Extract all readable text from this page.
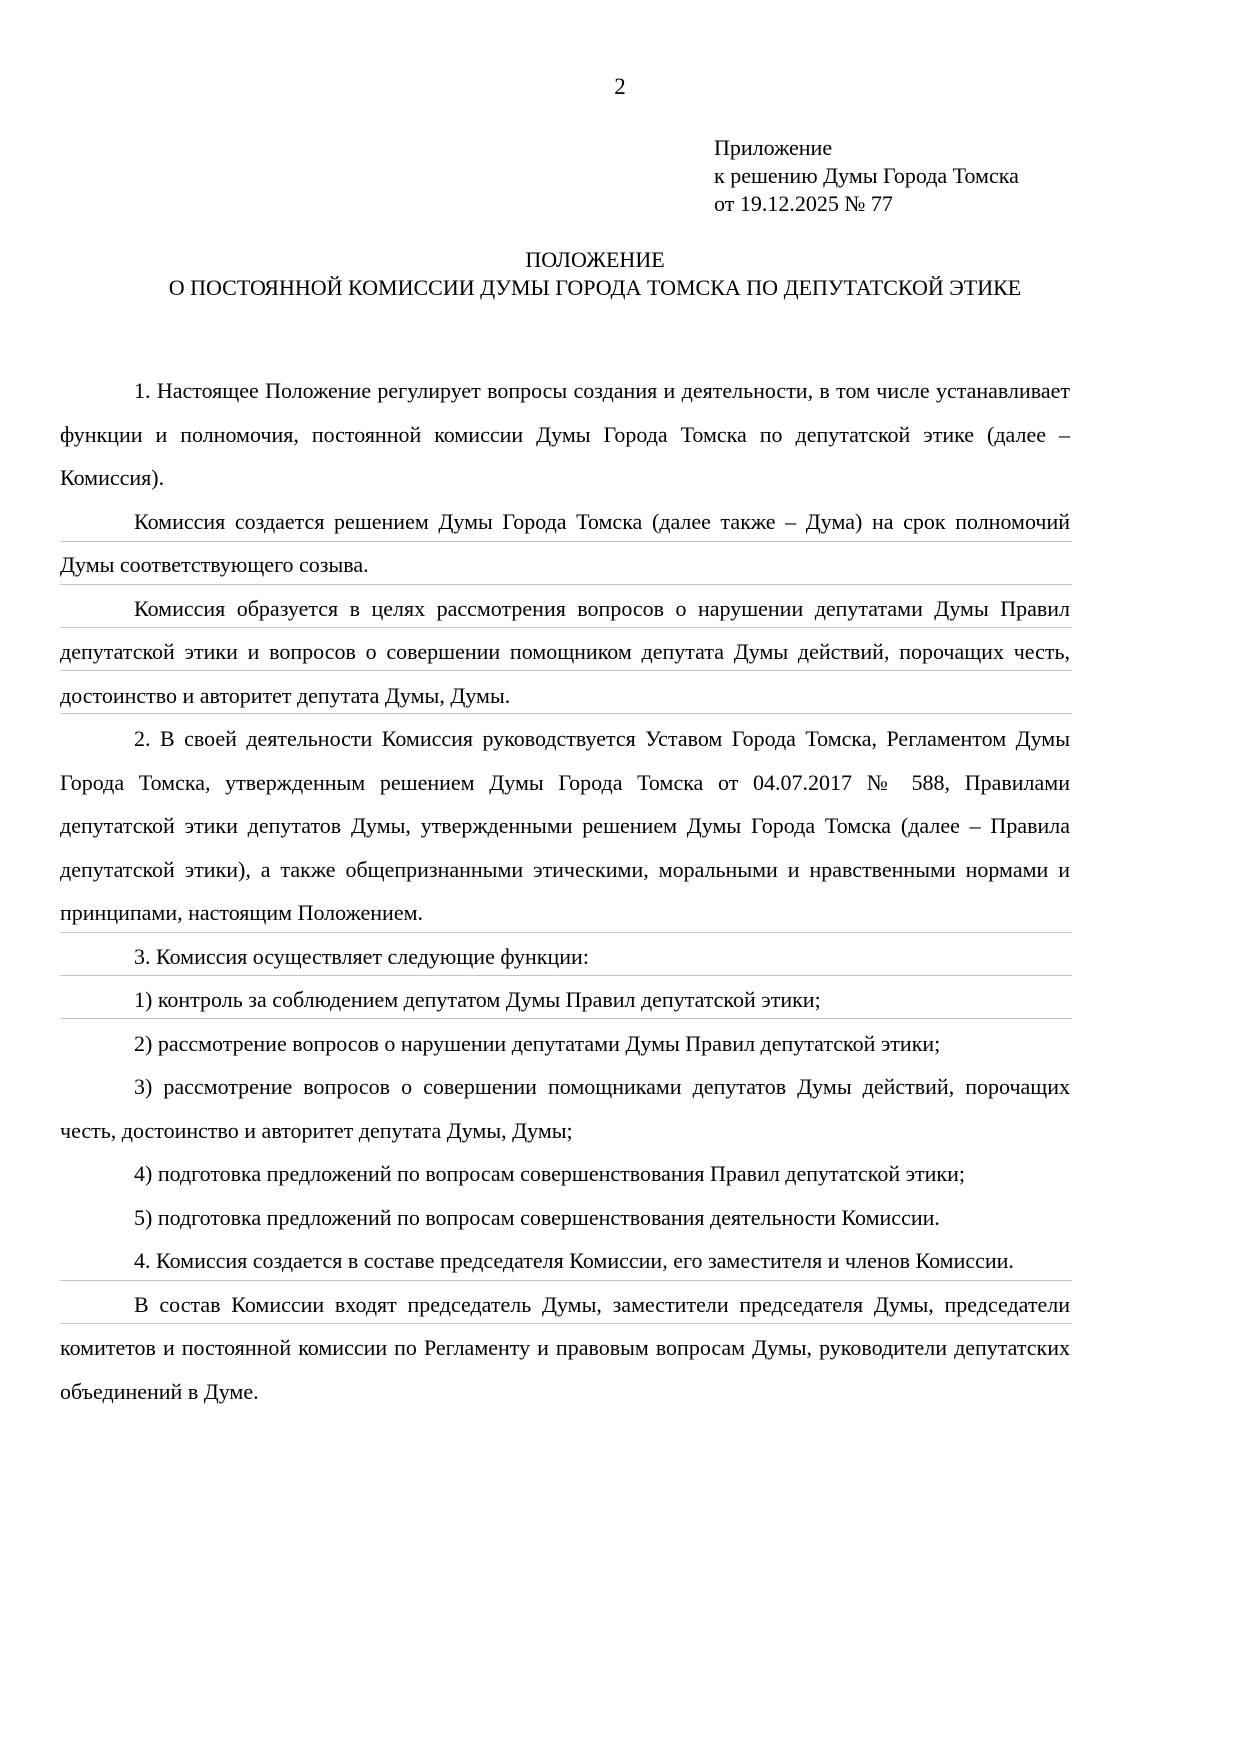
2
Приложение
к решению Думы Города Томска
от 19.12.2025 № 77
ПОЛОЖЕНИЕ
О ПОСТОЯННОЙ КОМИССИИ ДУМЫ ГОРОДА ТОМСКА ПО ДЕПУТАТСКОЙ ЭТИКЕ

1. Настоящее Положение регулирует вопросы создания и деятельности, в том числе устанавливает функции и полномочия, постоянной комиссии Думы Города Томска по депутатской этике (далее – Комиссия).

Комиссия создается решением Думы Города Томска (далее также – Дума) на срок полномочий Думы соответствующего созыва.

Комиссия образуется в целях рассмотрения вопросов о нарушении депутатами Думы Правил депутатской этики и вопросов о совершении помощником депутата Думы действий, порочащих честь, достоинство и авторитет депутата Думы, Думы.

2. В своей деятельности Комиссия руководствуется Уставом Города Томска, Регламентом Думы Города Томска, утвержденным решением Думы Города Томска от 04.07.2017 № 588, Правилами депутатской этики депутатов Думы, утвержденными решением Думы Города Томска (далее – Правила депутатской этики), а также общепризнанными этическими, моральными и нравственными нормами и принципами, настоящим Положением.

3. Комиссия осуществляет следующие функции:

1) контроль за соблюдением депутатом Думы Правил депутатской этики;

2) рассмотрение вопросов о нарушении депутатами Думы Правил депутатской этики;

3) рассмотрение вопросов о совершении помощниками депутатов Думы действий, порочащих честь, достоинство и авторитет депутата Думы, Думы;

4) подготовка предложений по вопросам совершенствования Правил депутатской этики;

5) подготовка предложений по вопросам совершенствования деятельности Комиссии.

4. Комиссия создается в составе председателя Комиссии, его заместителя и членов Комиссии.

В состав Комиссии входят председатель Думы, заместители председателя Думы, председатели комитетов и постоянной комиссии по Регламенту и правовым вопросам Думы, руководители депутатских объединений в Думе.
